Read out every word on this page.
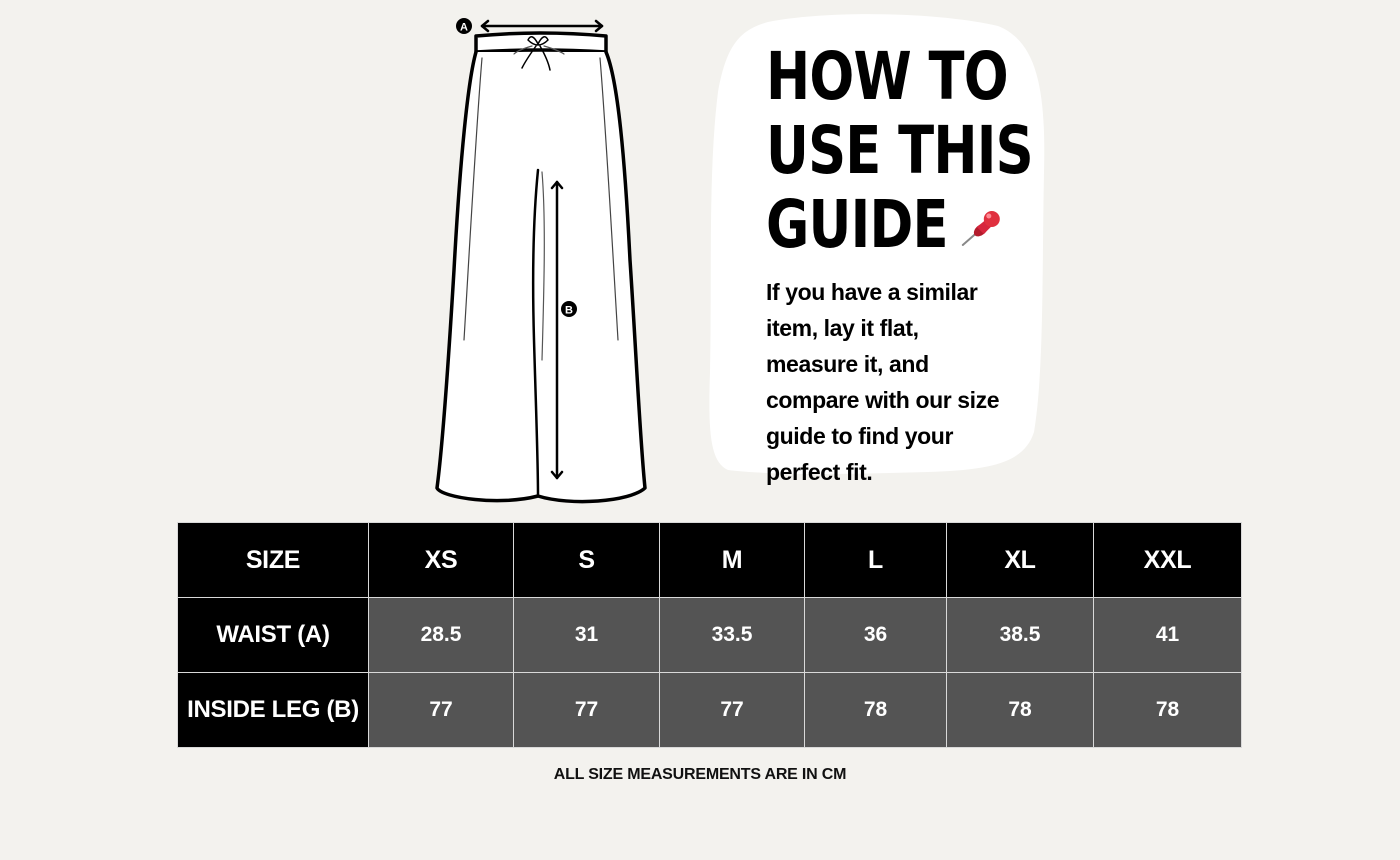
A
B
HOW TO
USE THIS
GUIDE
If you have a similar item, lay it flat, measure it, and compare with our size guide to find your perfect fit.
SIZE	XS	S	M	L	XL	XXL
WAIST (A)	28.5	31	33.5	36	38.5	41
INSIDE LEG (B)	77	77	77	78	78	78
ALL SIZE MEASUREMENTS ARE IN CM
